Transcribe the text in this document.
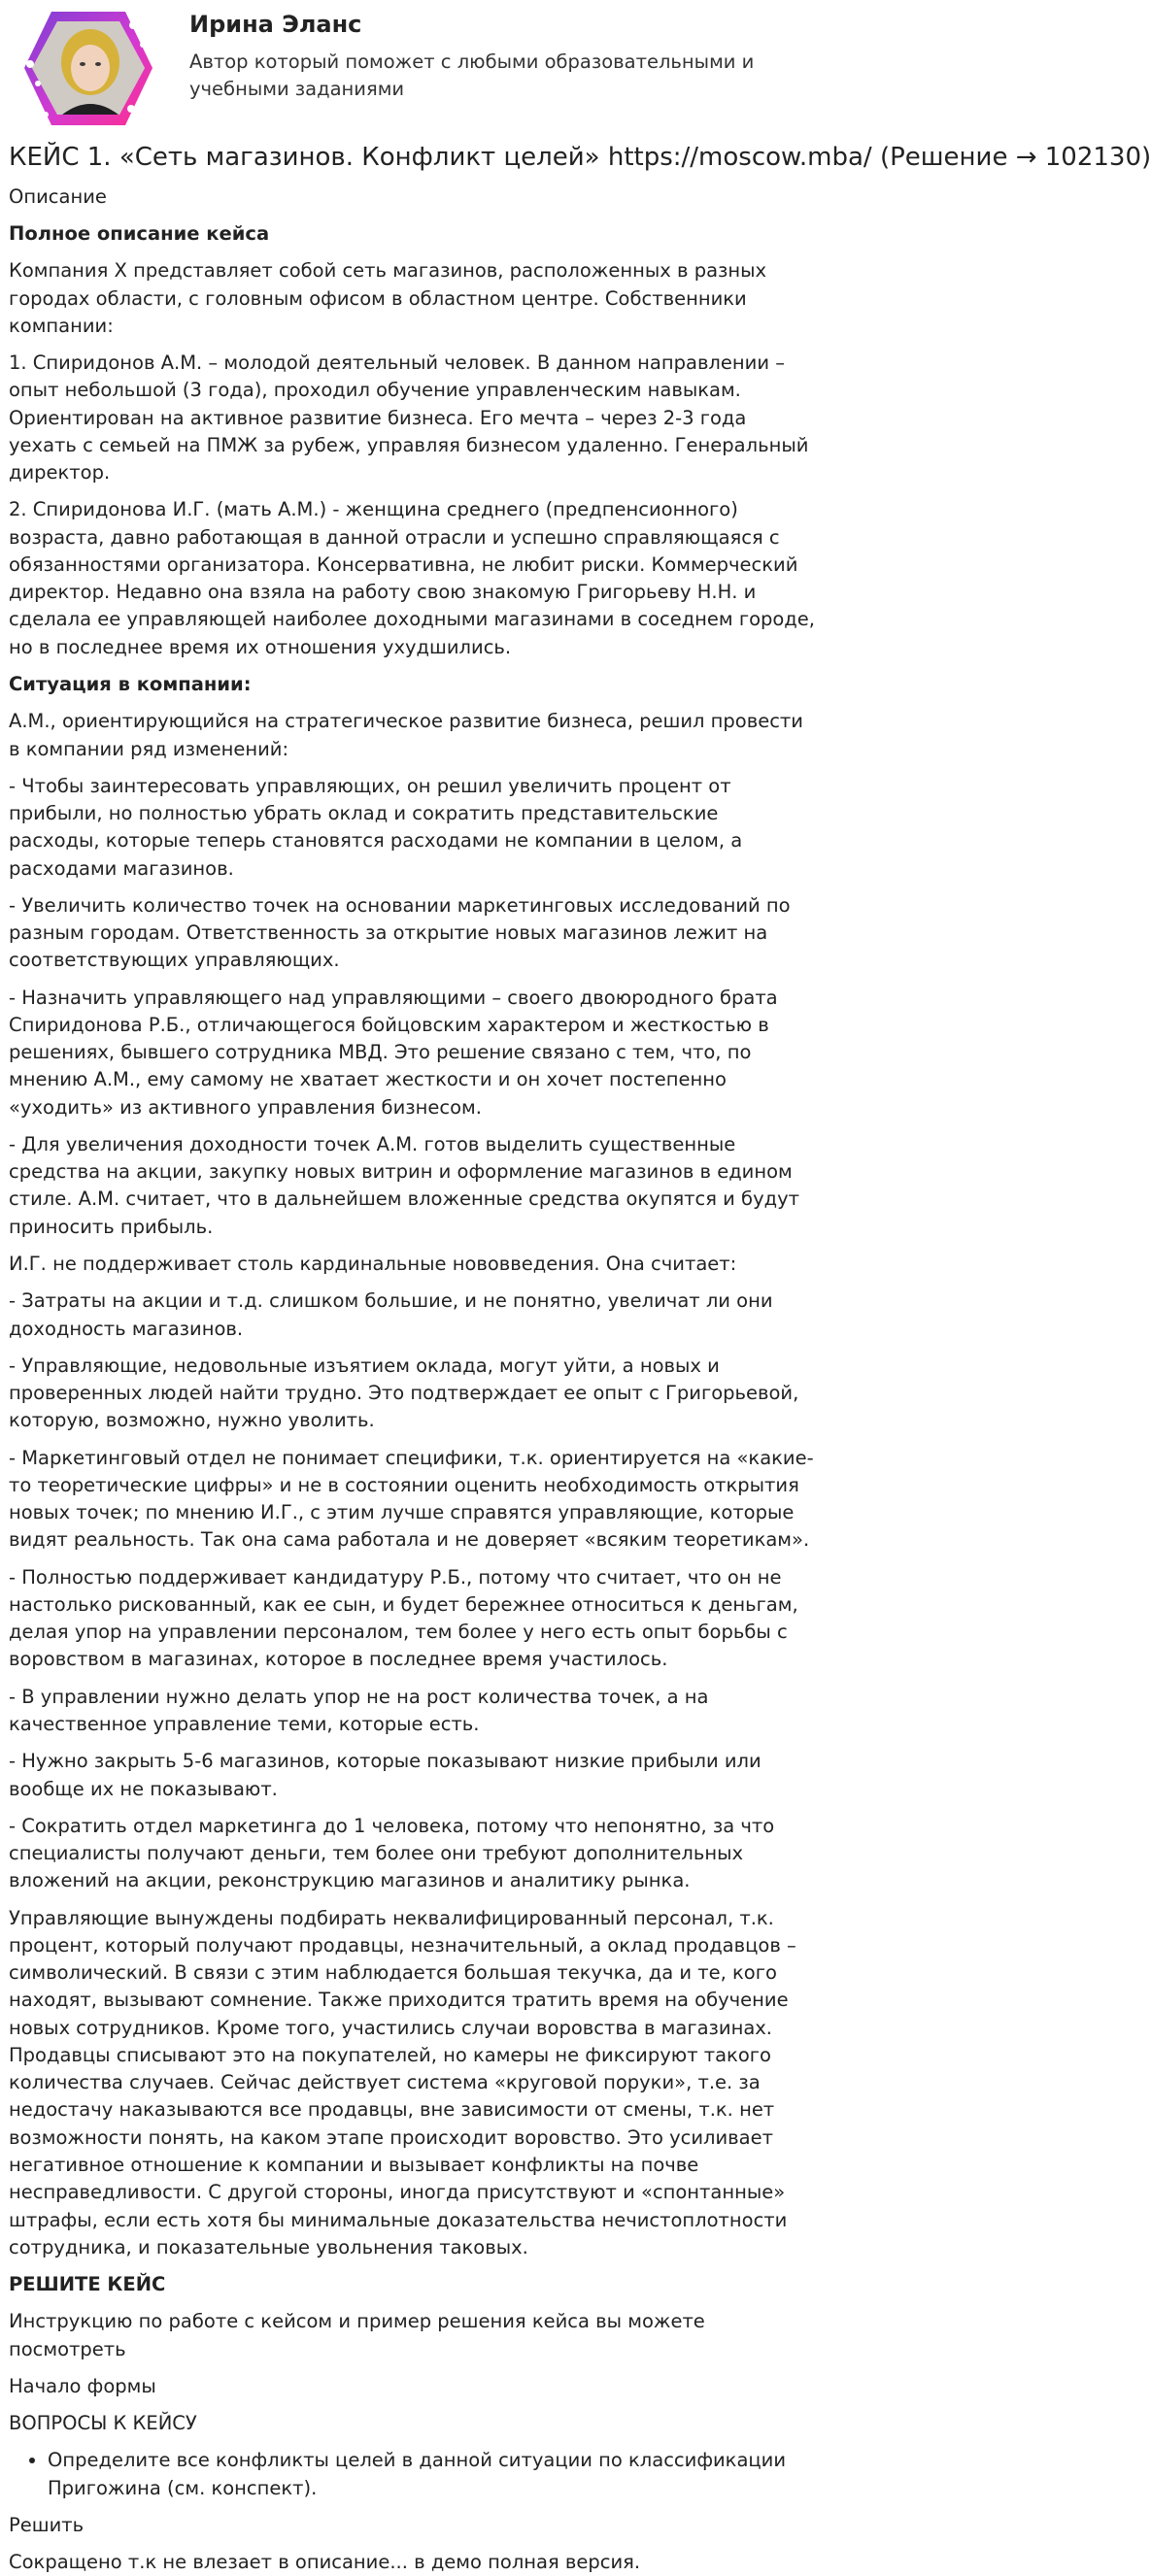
Ирина Эланс
Автор который поможет с любыми образовательными и учебными заданиями
КЕЙС 1. «Сеть магазинов. Конфликт целей» https://moscow.mba/ (Решение → 102130)

Описание

Полное описание кейса

Компания X представляет собой сеть магазинов, расположенных в разных городах области, с головным офисом в областном центре. Собственники компании:

1. Спиридонов А.М. – молодой деятельный человек. В данном направлении – опыт небольшой (3 года), проходил обучение управленческим навыкам. Ориентирован на активное развитие бизнеса. Его мечта – через 2-3 года уехать с семьей на ПМЖ за рубеж, управляя бизнесом удаленно. Генеральный директор.

2. Спиридонова И.Г. (мать А.М.) - женщина среднего (предпенсионного) возраста, давно работающая в данной отрасли и успешно справляющаяся с обязанностями организатора. Консервативна, не любит риски. Коммерческий директор. Недавно она взяла на работу свою знакомую Григорьеву Н.Н. и сделала ее управляющей наиболее доходными магазинами в соседнем городе, но в последнее время их отношения ухудшились.

Ситуация в компании:

А.М., ориентирующийся на стратегическое развитие бизнеса, решил провести в компании ряд изменений:

- Чтобы заинтересовать управляющих, он решил увеличить процент от прибыли, но полностью убрать оклад и сократить представительские расходы, которые теперь становятся расходами не компании в целом, а расходами магазинов.

- Увеличить количество точек на основании маркетинговых исследований по разным городам. Ответственность за открытие новых магазинов лежит на соответствующих управляющих.

- Назначить управляющего над управляющими – своего двоюродного брата Спиридонова Р.Б., отличающегося бойцовским характером и жесткостью в решениях, бывшего сотрудника МВД. Это решение связано с тем, что, по мнению А.М., ему самому не хватает жесткости и он хочет постепенно «уходить» из активного управления бизнесом.

- Для увеличения доходности точек А.М. готов выделить существенные средства на акции, закупку новых витрин и оформление магазинов в едином стиле. А.М. считает, что в дальнейшем вложенные средства окупятся и будут приносить прибыль.

И.Г. не поддерживает столь кардинальные нововведения. Она считает:

- Затраты на акции и т.д. слишком большие, и не понятно, увеличат ли они доходность магазинов.

- Управляющие, недовольные изъятием оклада, могут уйти, а новых и проверенных людей найти трудно. Это подтверждает ее опыт с Григорьевой, которую, возможно, нужно уволить.

- Маркетинговый отдел не понимает специфики, т.к. ориентируется на «какие-то теоретические цифры» и не в состоянии оценить необходимость открытия новых точек; по мнению И.Г., с этим лучше справятся управляющие, которые видят реальность. Так она сама работала и не доверяет «всяким теоретикам».

- Полностью поддерживает кандидатуру Р.Б., потому что считает, что он не настолько рискованный, как ее сын, и будет бережнее относиться к деньгам, делая упор на управлении персоналом, тем более у него есть опыт борьбы с воровством в магазинах, которое в последнее время участилось.

- В управлении нужно делать упор не на рост количества точек, а на качественное управление теми, которые есть.

- Нужно закрыть 5-6 магазинов, которые показывают низкие прибыли или вообще их не показывают.

- Сократить отдел маркетинга до 1 человека, потому что непонятно, за что специалисты получают деньги, тем более они требуют дополнительных вложений на акции, реконструкцию магазинов и аналитику рынка.

Управляющие вынуждены подбирать неквалифицированный персонал, т.к. процент, который получают продавцы, незначительный, а оклад продавцов – символический. В связи с этим наблюдается большая текучка, да и те, кого находят, вызывают сомнение. Также приходится тратить время на обучение новых сотрудников. Кроме того, участились случаи воровства в магазинах. Продавцы списывают это на покупателей, но камеры не фиксируют такого количества случаев. Сейчас действует система «круговой поруки», т.е. за недостачу наказываются все продавцы, вне зависимости от смены, т.к. нет возможности понять, на каком этапе происходит воровство. Это усиливает негативное отношение к компании и вызывает конфликты на почве несправедливости. С другой стороны, иногда присутствуют и «спонтанные» штрафы, если есть хотя бы минимальные доказательства нечистоплотности сотрудника, и показательные увольнения таковых.

РЕШИТЕ КЕЙС

Инструкцию по работе с кейсом и пример решения кейса вы можете посмотреть

Начало формы

ВОПРОСЫ К КЕЙСУ

• Определите все конфликты целей в данной ситуации по классификации Пригожина (см. конспект).

Решить

Сокращено т.к не влезает в описание... в демо полная версия.
